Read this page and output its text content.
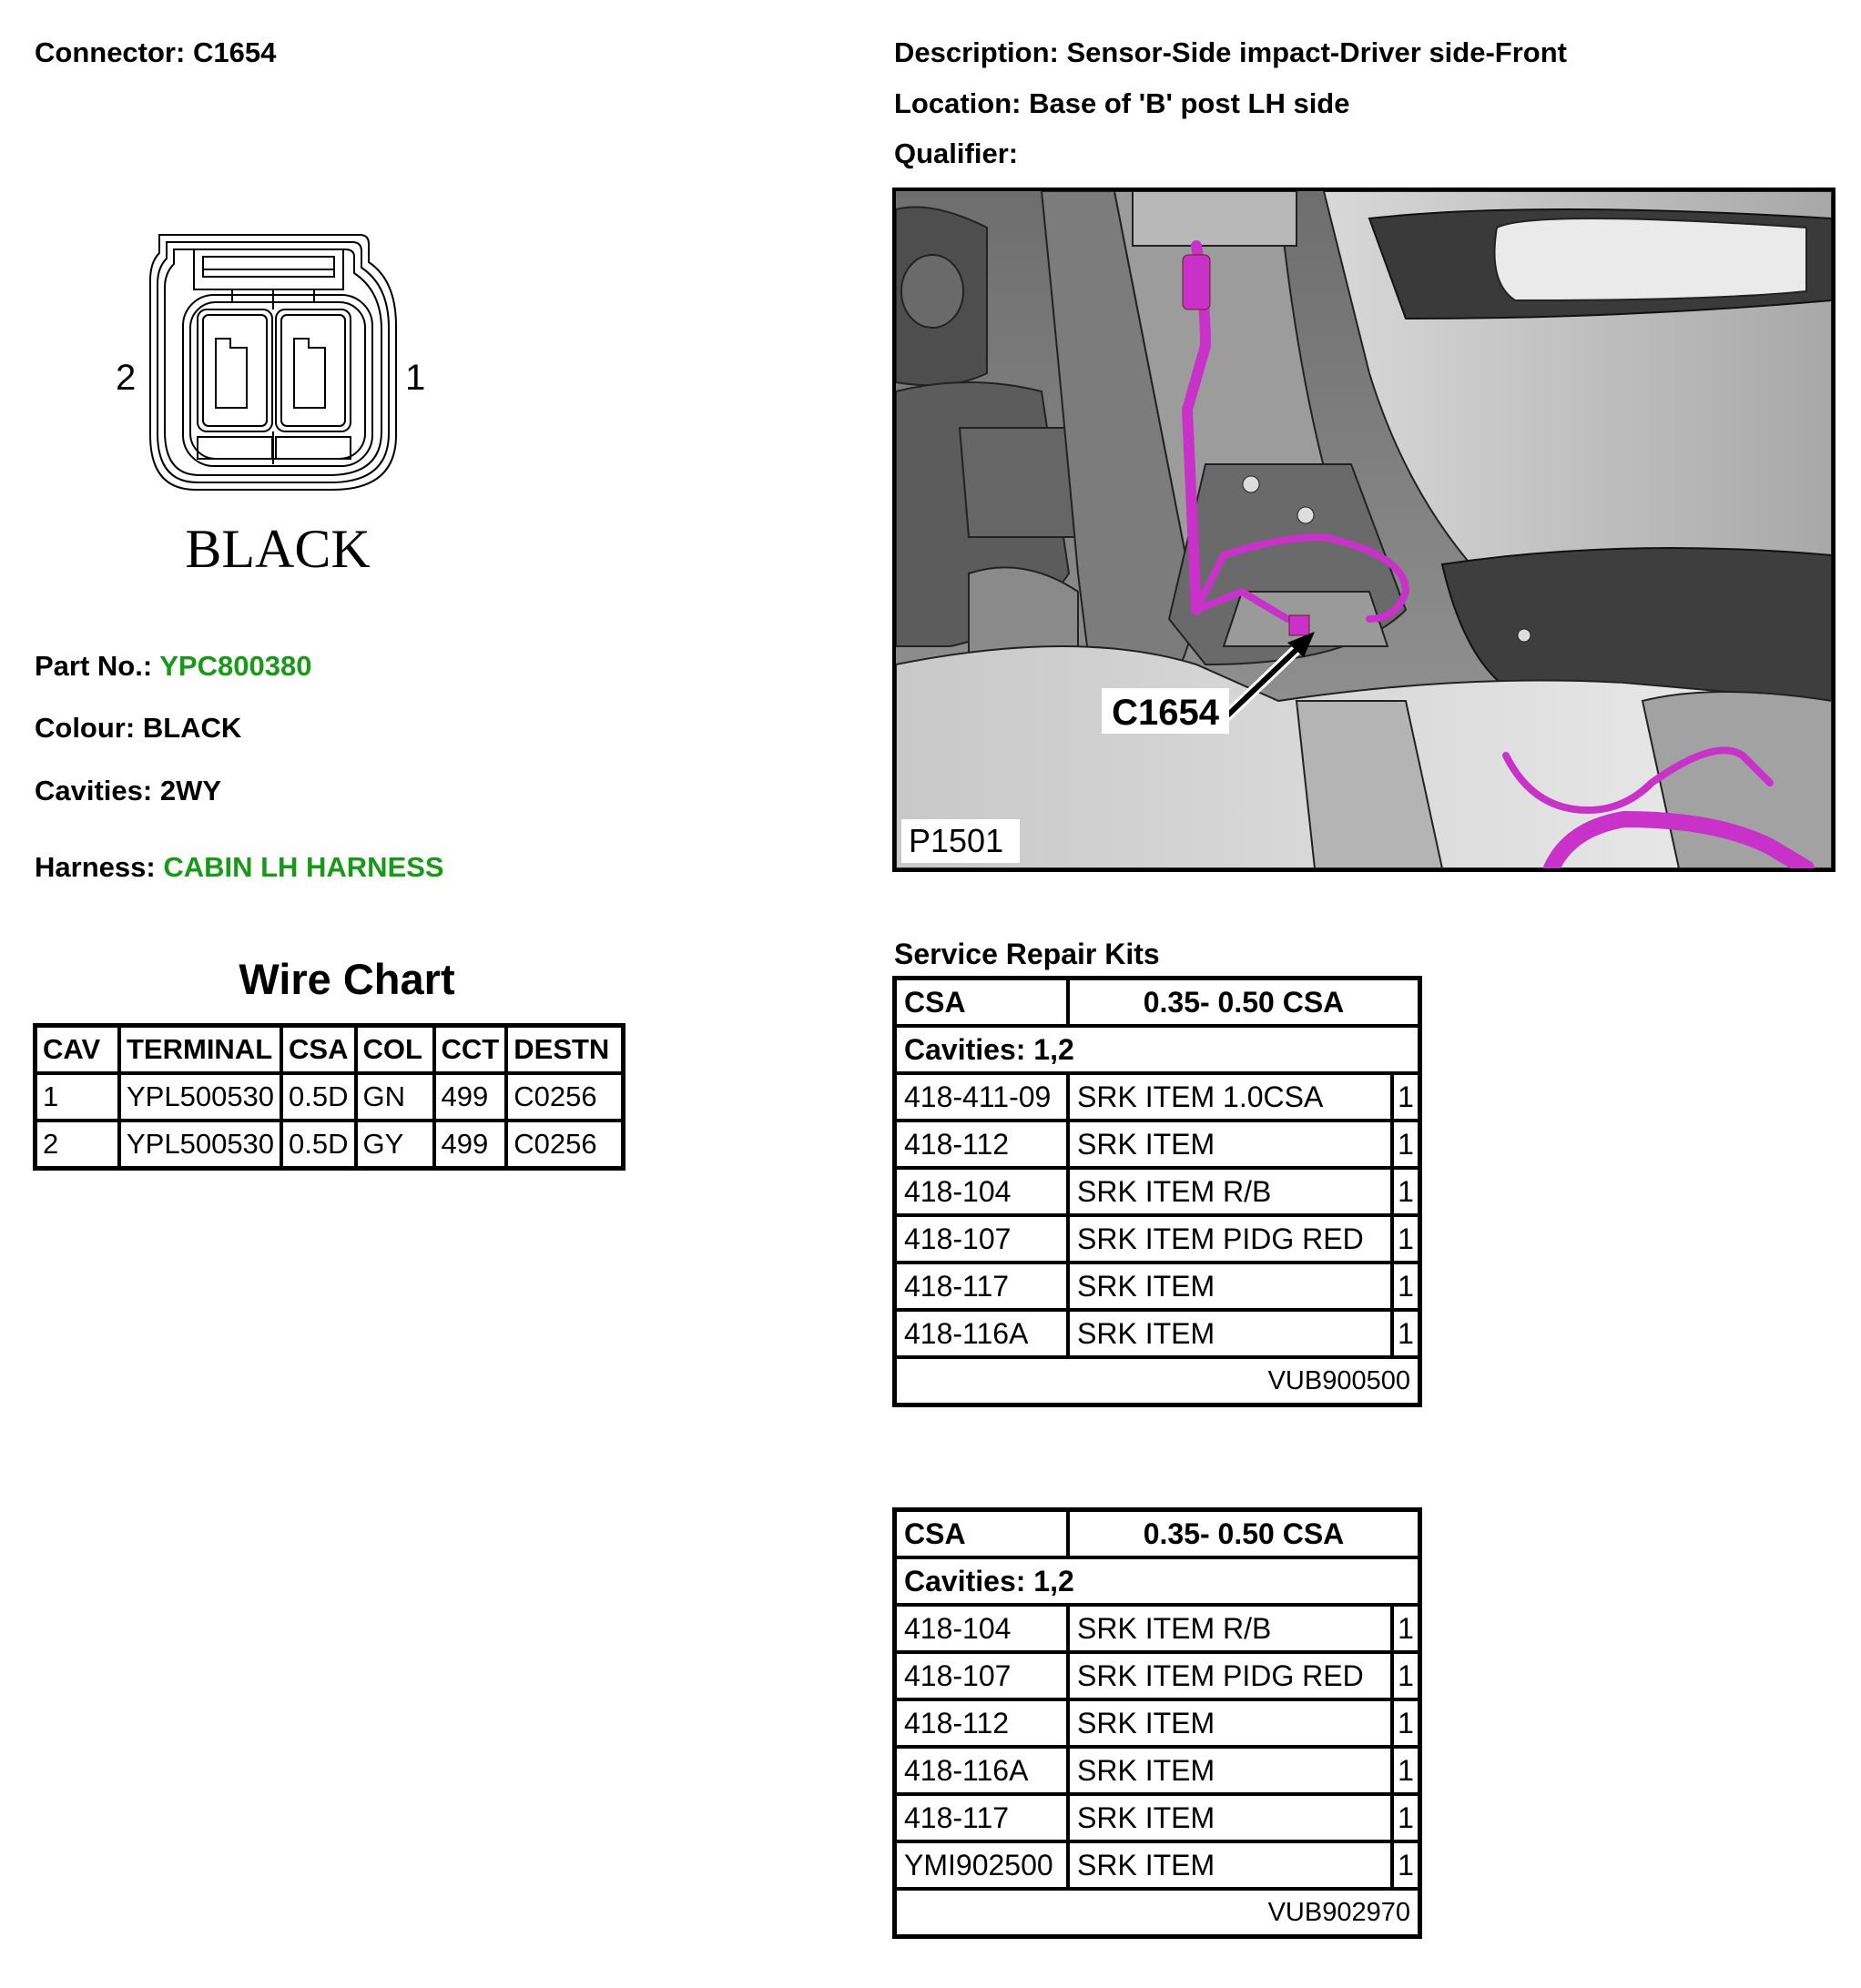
Connector: C1654	Description: Sensor-Side impact-Driver side-Front
Location: Base of 'B' post LH side
Qualifier:
2	1
BLACK
C1654
P1501
Part No.: YPC800380
Colour: BLACK
Cavities: 2WY
Harness: CABIN LH HARNESS
Wire Chart
CAV	TERMINAL	CSA	COL	CCT	DESTN
1	YPL500530	0.5D	GN	499	C0256
2	YPL500530	0.5D	GY	499	C0256
Service Repair Kits
CSA	0.35- 0.50 CSA	
Cavities: 1,2		
418-411-09	SRK ITEM 1.0CSA	1
418-112	SRK ITEM	1
418-104	SRK ITEM R/B	1
418-107	SRK ITEM PIDG RED	1
418-117	SRK ITEM	1
418-116A	SRK ITEM	1
VUB900500		
CSA	0.35- 0.50 CSA	
Cavities: 1,2		
418-104	SRK ITEM R/B	1
418-107	SRK ITEM PIDG RED	1
418-112	SRK ITEM	1
418-116A	SRK ITEM	1
418-117	SRK ITEM	1
YMI902500	SRK ITEM	1
VUB902970		
